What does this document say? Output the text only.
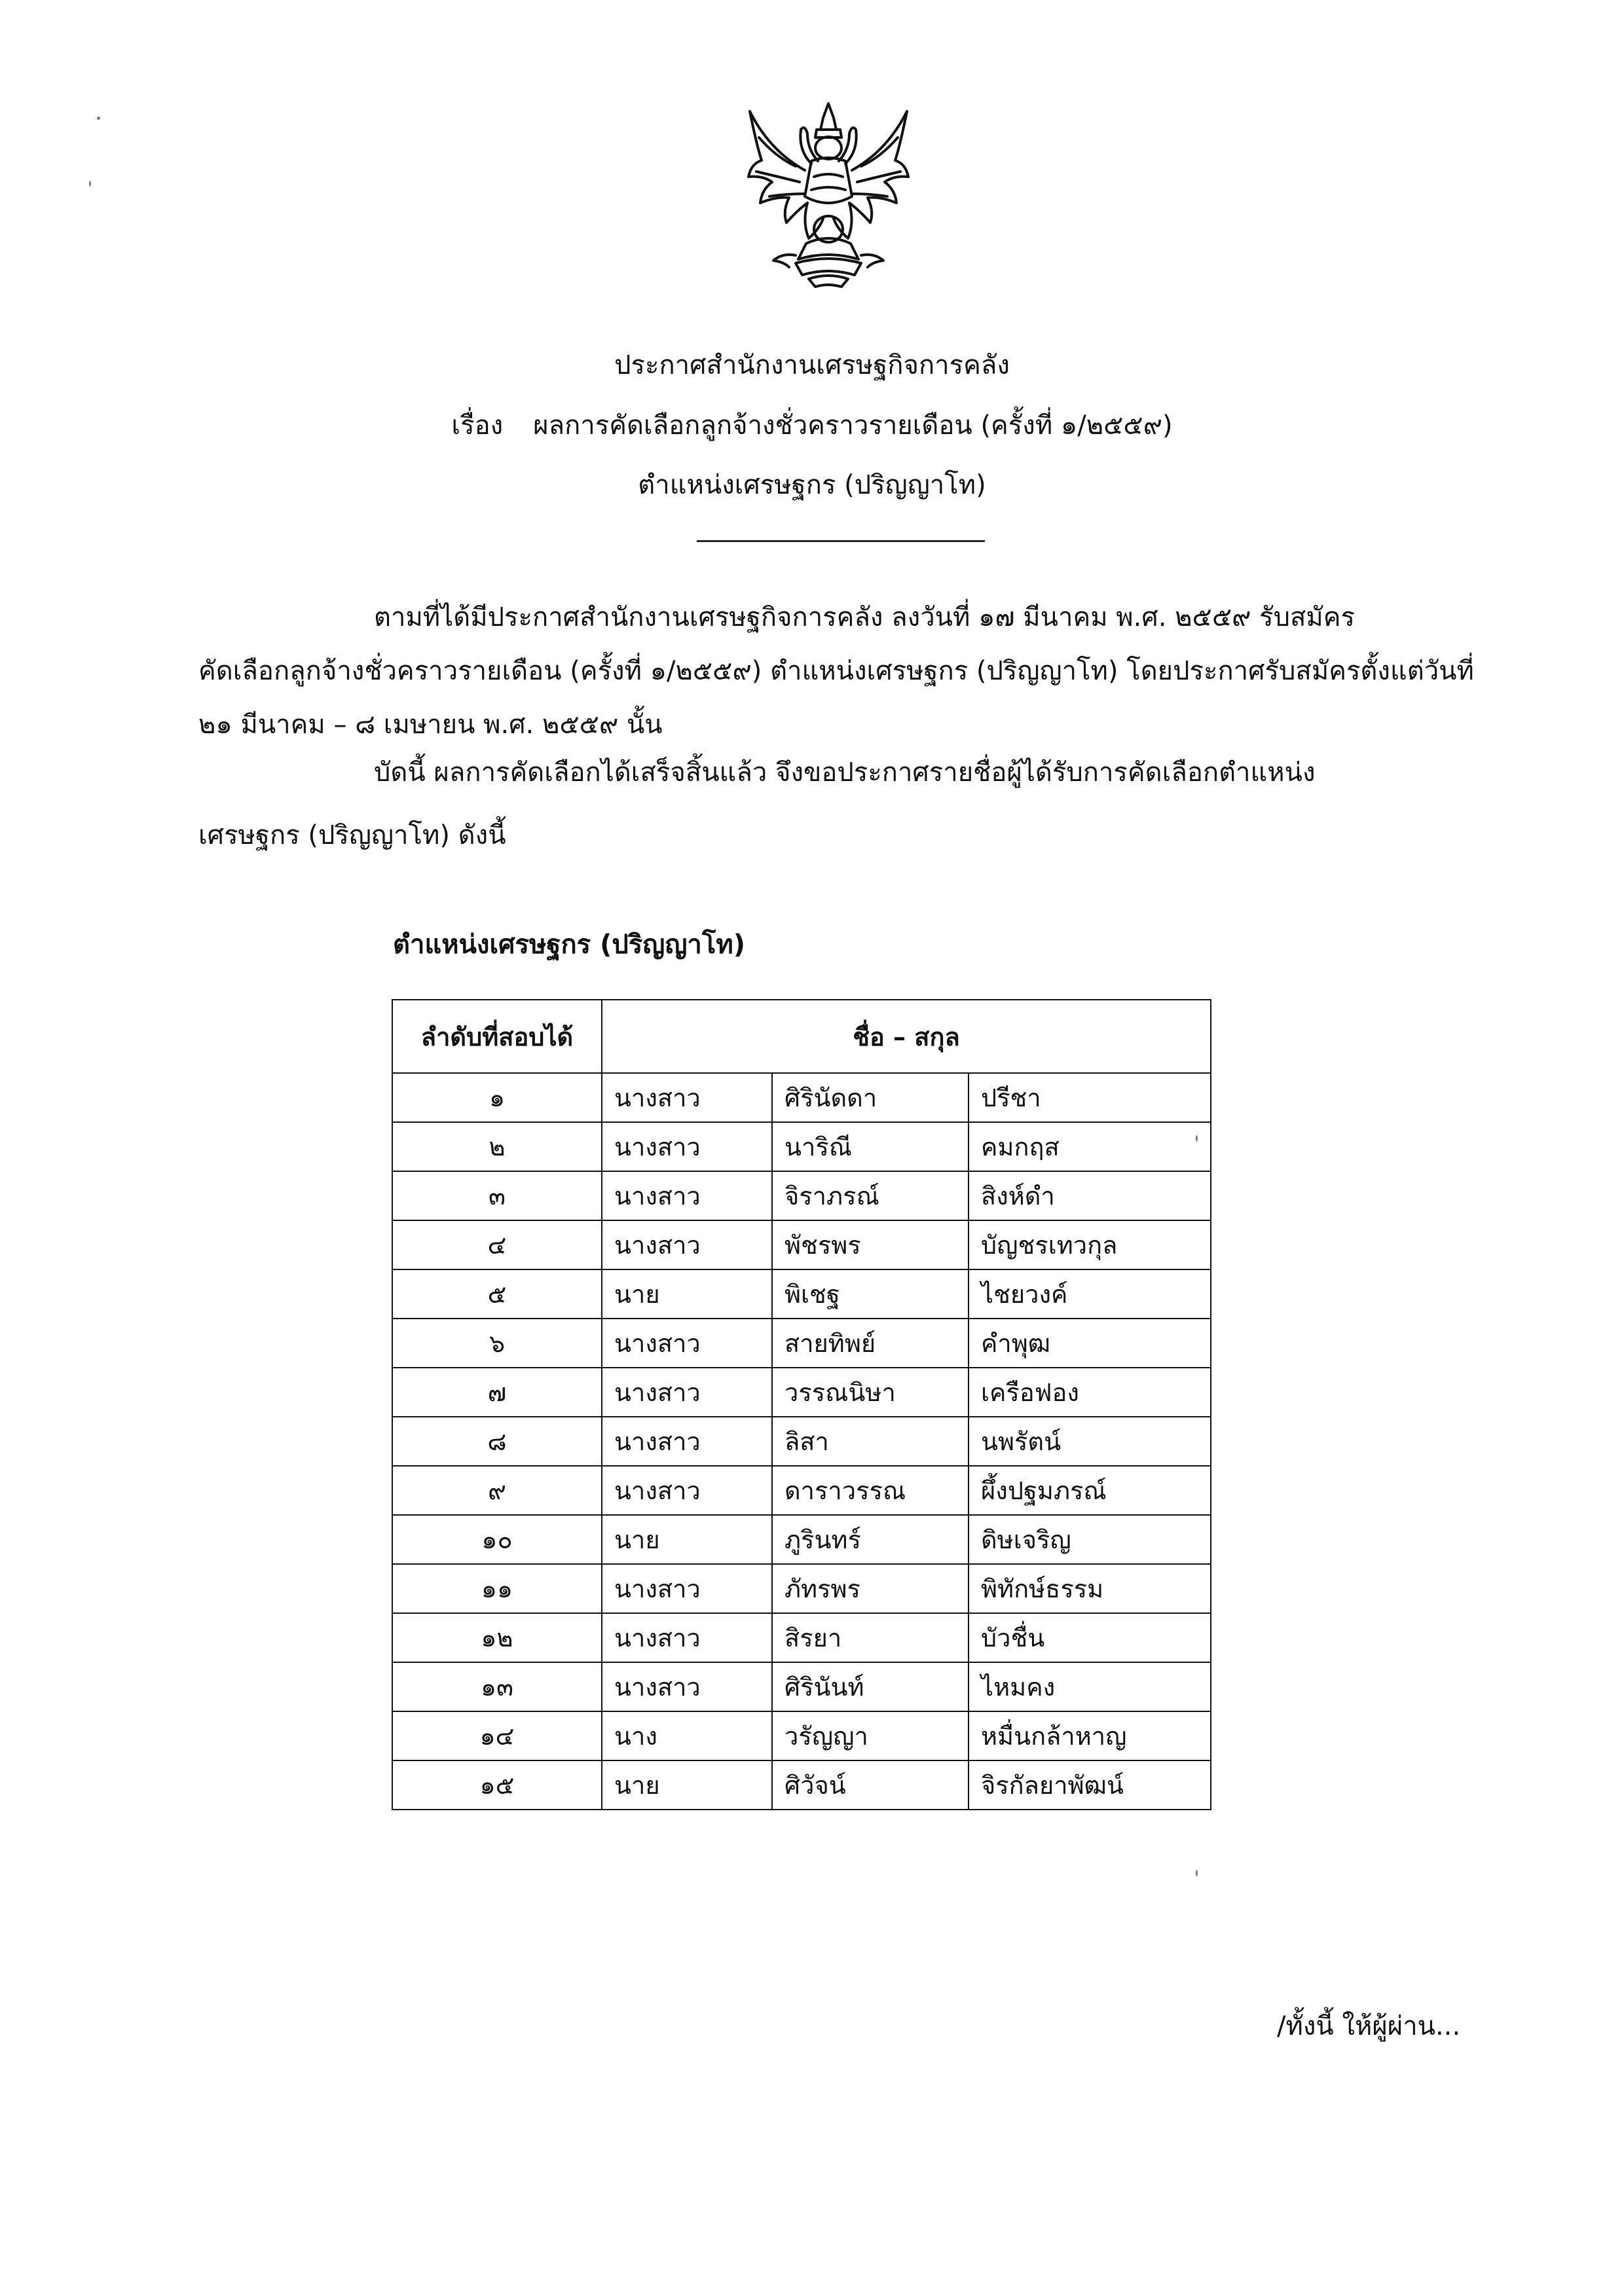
ประกาศสำนักงานเศรษฐกิจการคลัง
เรื่อง ผลการคัดเลือกลูกจ้างชั่วคราวรายเดือน (ครั้งที่ ๑/๒๕๕๙)
ตำแหน่งเศรษฐกร (ปริญญาโท)
ตามที่ได้มีประกาศสำนักงานเศรษฐกิจการคลัง ลงวันที่ ๑๗ มีนาคม พ.ศ. ๒๕๕๙ รับสมัคร
คัดเลือกลูกจ้างชั่วคราวรายเดือน (ครั้งที่ ๑/๒๕๕๙) ตำแหน่งเศรษฐกร (ปริญญาโท) โดยประกาศรับสมัครตั้งแต่วันที่
๒๑ มีนาคม – ๘ เมษายน พ.ศ. ๒๕๕๙ นั้น
บัดนี้ ผลการคัดเลือกได้เสร็จสิ้นแล้ว จึงขอประกาศรายชื่อผู้ได้รับการคัดเลือกตำแหน่ง
เศรษฐกร (ปริญญาโท) ดังนี้
ตำแหน่งเศรษฐกร (ปริญญาโท)
ลำดับที่สอบได้	ชื่อ – สกุล		
๑	นางสาว	ศิรินัดดา	ปรีชา
๒	นางสาว	นาริณี	คมกฤส
๓	นางสาว	จิราภรณ์	สิงห์ดำ
๔	นางสาว	พัชรพร	บัญชรเทวกุล
๕	นาย	พิเชฐ	ไชยวงค์
๖	นางสาว	สายทิพย์	คำพุฒ
๗	นางสาว	วรรณนิษา	เครือฟอง
๘	นางสาว	ลิสา	นพรัตน์
๙	นางสาว	ดาราวรรณ	ผึ้งปฐมภรณ์
๑๐	นาย	ภูรินทร์	ดิษเจริญ
๑๑	นางสาว	ภัทรพร	พิทักษ์ธรรม
๑๒	นางสาว	สิรยา	บัวชื่น
๑๓	นางสาว	ศิรินันท์	ไหมคง
๑๔	นาง	วรัญญา	หมื่นกล้าหาญ
๑๕	นาย	ศิวัจน์	จิรกัลยาพัฒน์
/ทั้งนี้ ให้ผู้ผ่าน...
